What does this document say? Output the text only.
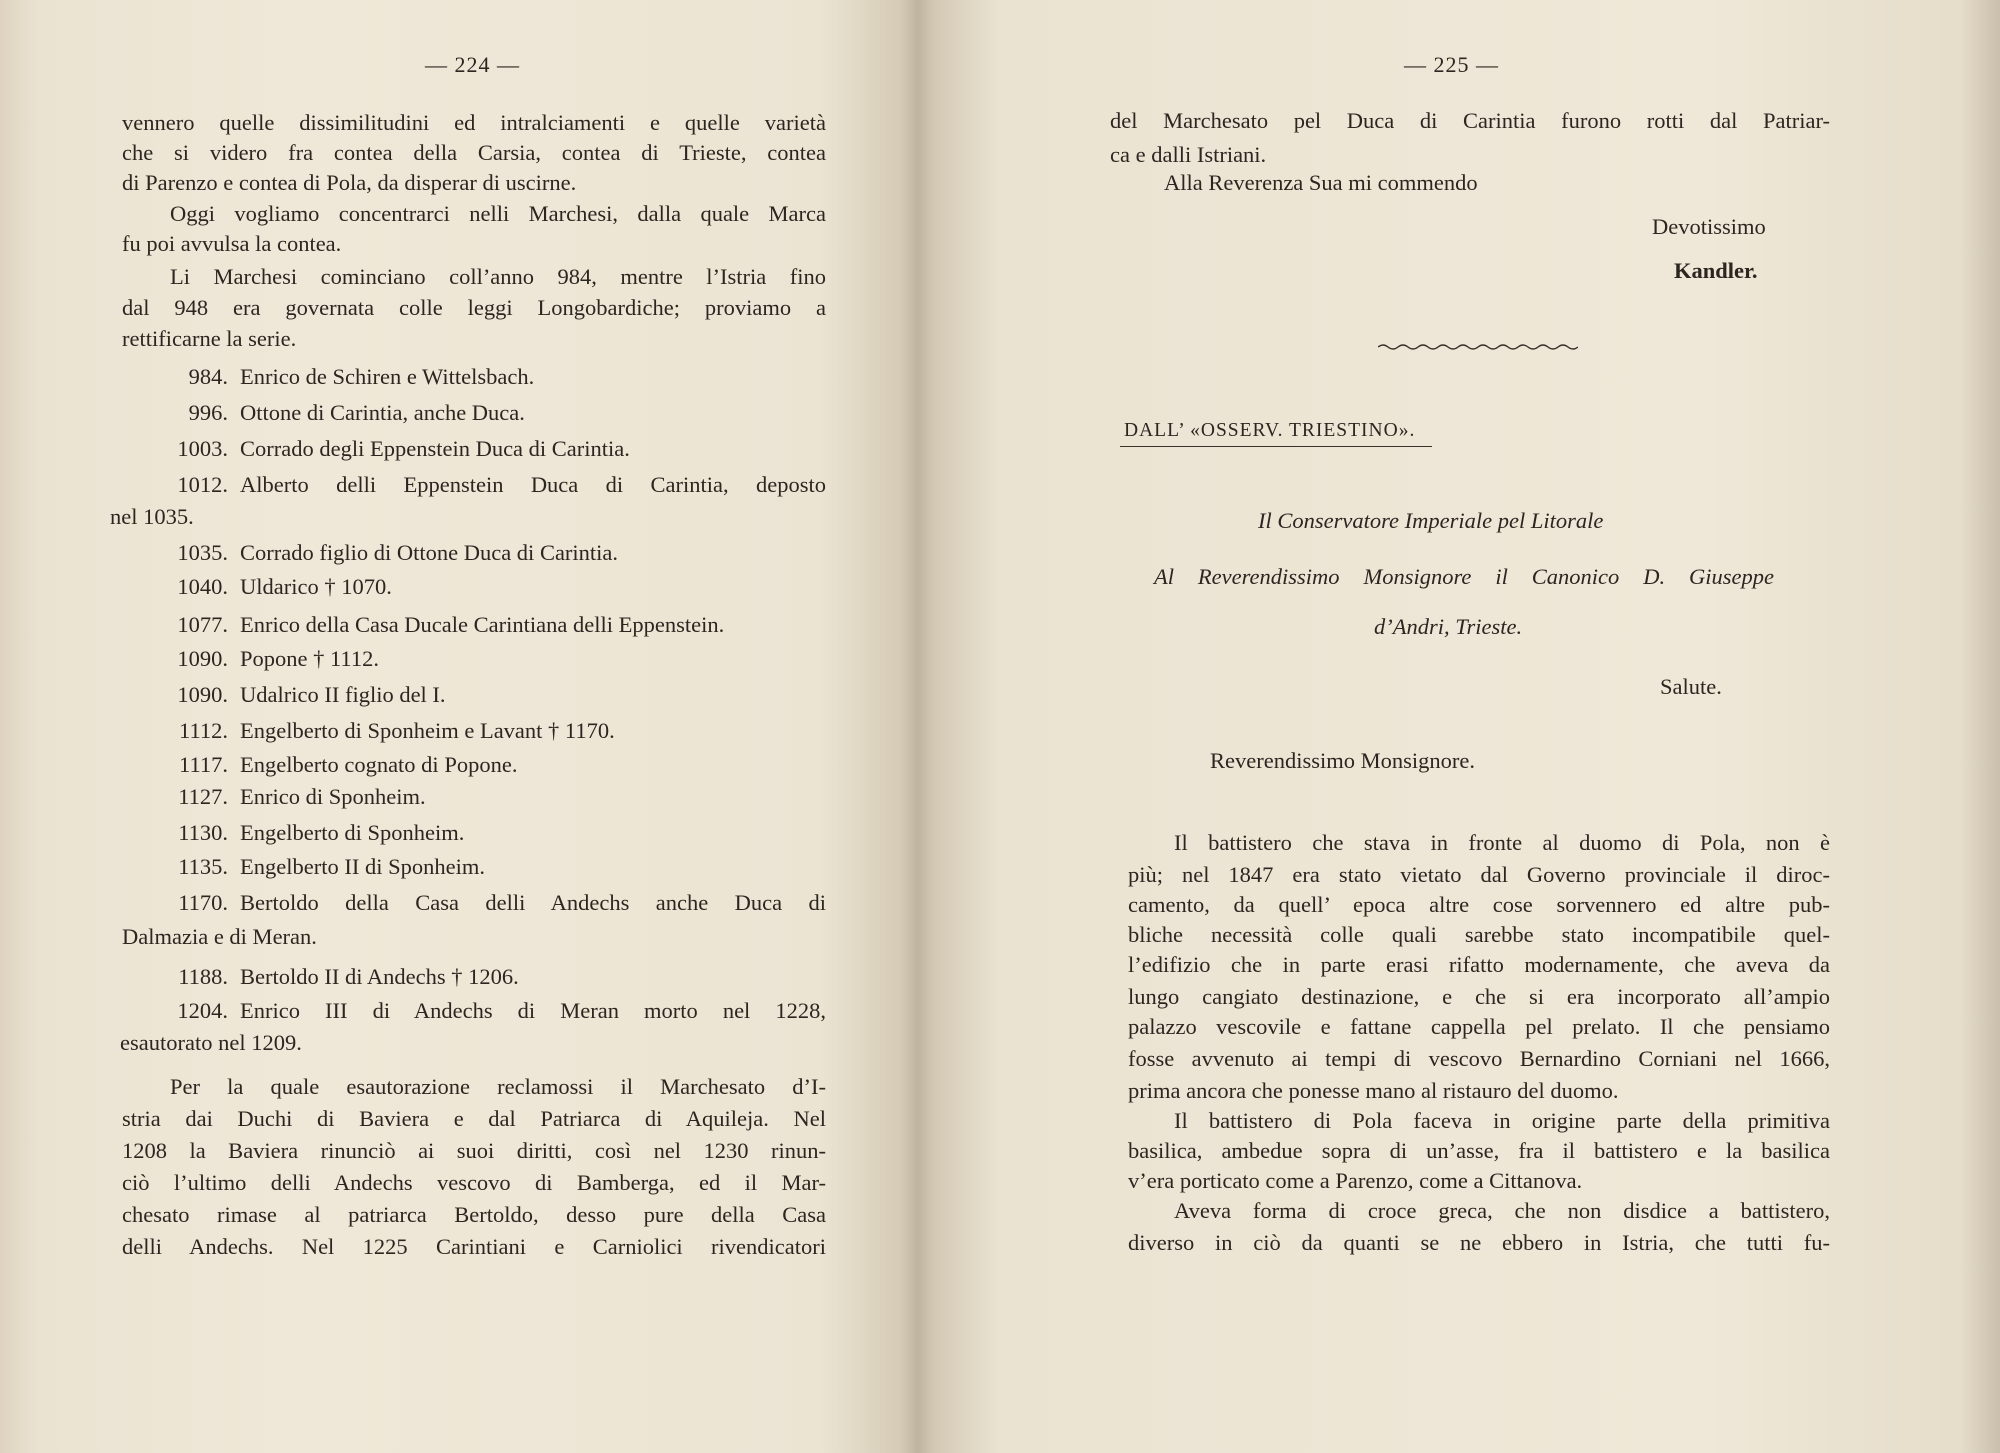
— 224 —
vennero quelle dissimilitudini ed intralciamenti e quelle varietà
che si videro fra contea della Carsia, contea di Trieste, contea
di Parenzo e contea di Pola, da disperar di uscirne.
Oggi vogliamo concentrarci nelli Marchesi, dalla quale Marca
fu poi avvulsa la contea.
Li Marchesi cominciano coll’anno 984, mentre l’Istria fino
dal 948 era governata colle leggi Longobardiche; proviamo a
rettificarne la serie.
984. Enrico de Schiren e Wittelsbach.
996. Ottone di Carintia, anche Duca.
1003. Corrado degli Eppenstein Duca di Carintia.
1012. Alberto delli Eppenstein Duca di Carintia, deposto
nel 1035.
1035. Corrado figlio di Ottone Duca di Carintia.
1040. Uldarico † 1070.
1077. Enrico della Casa Ducale Carintiana delli Eppenstein.
1090. Popone † 1112.
1090. Udalrico II figlio del I.
1112. Engelberto di Sponheim e Lavant † 1170.
1117. Engelberto cognato di Popone.
1127. Enrico di Sponheim.
1130. Engelberto di Sponheim.
1135. Engelberto II di Sponheim.
1170. Bertoldo della Casa delli Andechs anche Duca di
Dalmazia e di Meran.
1188. Bertoldo II di Andechs † 1206.
1204. Enrico III di Andechs di Meran morto nel 1228,
esautorato nel 1209.
Per la quale esautorazione reclamossi il Marchesato d’I-
stria dai Duchi di Baviera e dal Patriarca di Aquileja. Nel
1208 la Baviera rinunciò ai suoi diritti, così nel 1230 rinun-
ciò l’ultimo delli Andechs vescovo di Bamberga, ed il Mar-
chesato rimase al patriarca Bertoldo, desso pure della Casa
delli Andechs. Nel 1225 Carintiani e Carniolici rivendicatori
— 225 —
del Marchesato pel Duca di Carintia furono rotti dal Patriar-
ca e dalli Istriani.
Alla Reverenza Sua mi commendo
Devotissimo
Kandler.
DALL’ «OSSERV. TRIESTINO».
Il Conservatore Imperiale pel Litorale
Al Reverendissimo Monsignore il Canonico D. Giuseppe
d’Andri, Trieste.
Salute.
Reverendissimo Monsignore.
Il battistero che stava in fronte al duomo di Pola, non è
più; nel 1847 era stato vietato dal Governo provinciale il diroc-
camento, da quell’ epoca altre cose sorvennero ed altre pub-
bliche necessità colle quali sarebbe stato incompatibile quel-
l’edifizio che in parte erasi rifatto modernamente, che aveva da
lungo cangiato destinazione, e che si era incorporato all’ampio
palazzo vescovile e fattane cappella pel prelato. Il che pensiamo
fosse avvenuto ai tempi di vescovo Bernardino Corniani nel 1666,
prima ancora che ponesse mano al ristauro del duomo.
Il battistero di Pola faceva in origine parte della primitiva
basilica, ambedue sopra di un’asse, fra il battistero e la basilica
v’era porticato come a Parenzo, come a Cittanova.
Aveva forma di croce greca, che non disdice a battistero,
diverso in ciò da quanti se ne ebbero in Istria, che tutti fu-
